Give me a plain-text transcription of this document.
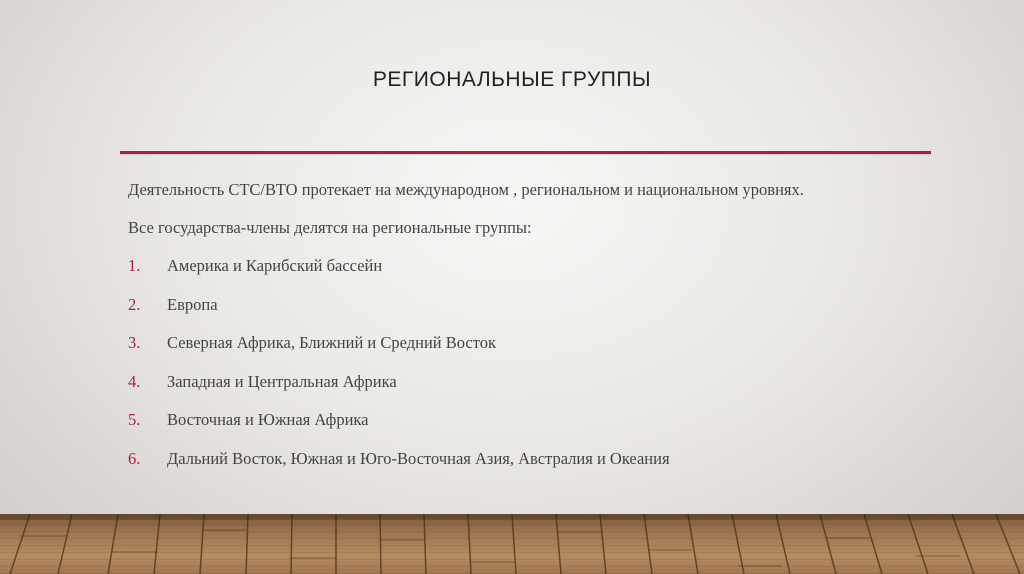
РЕГИОНАЛЬНЫЕ ГРУППЫ

Деятельность СТС/ВТО протекает на международном , региональном и национальном уровнях.

Все государства-члены делятся на региональные группы:

1.	Америка и Карибский бассейн
2.	Европа
3.	Северная Африка, Ближний и Средний Восток
4.	Западная и Центральная Африка
5.	Восточная и Южная Африка
6.	Дальний Восток, Южная и Юго-Восточная Азия, Австралия и Океания
